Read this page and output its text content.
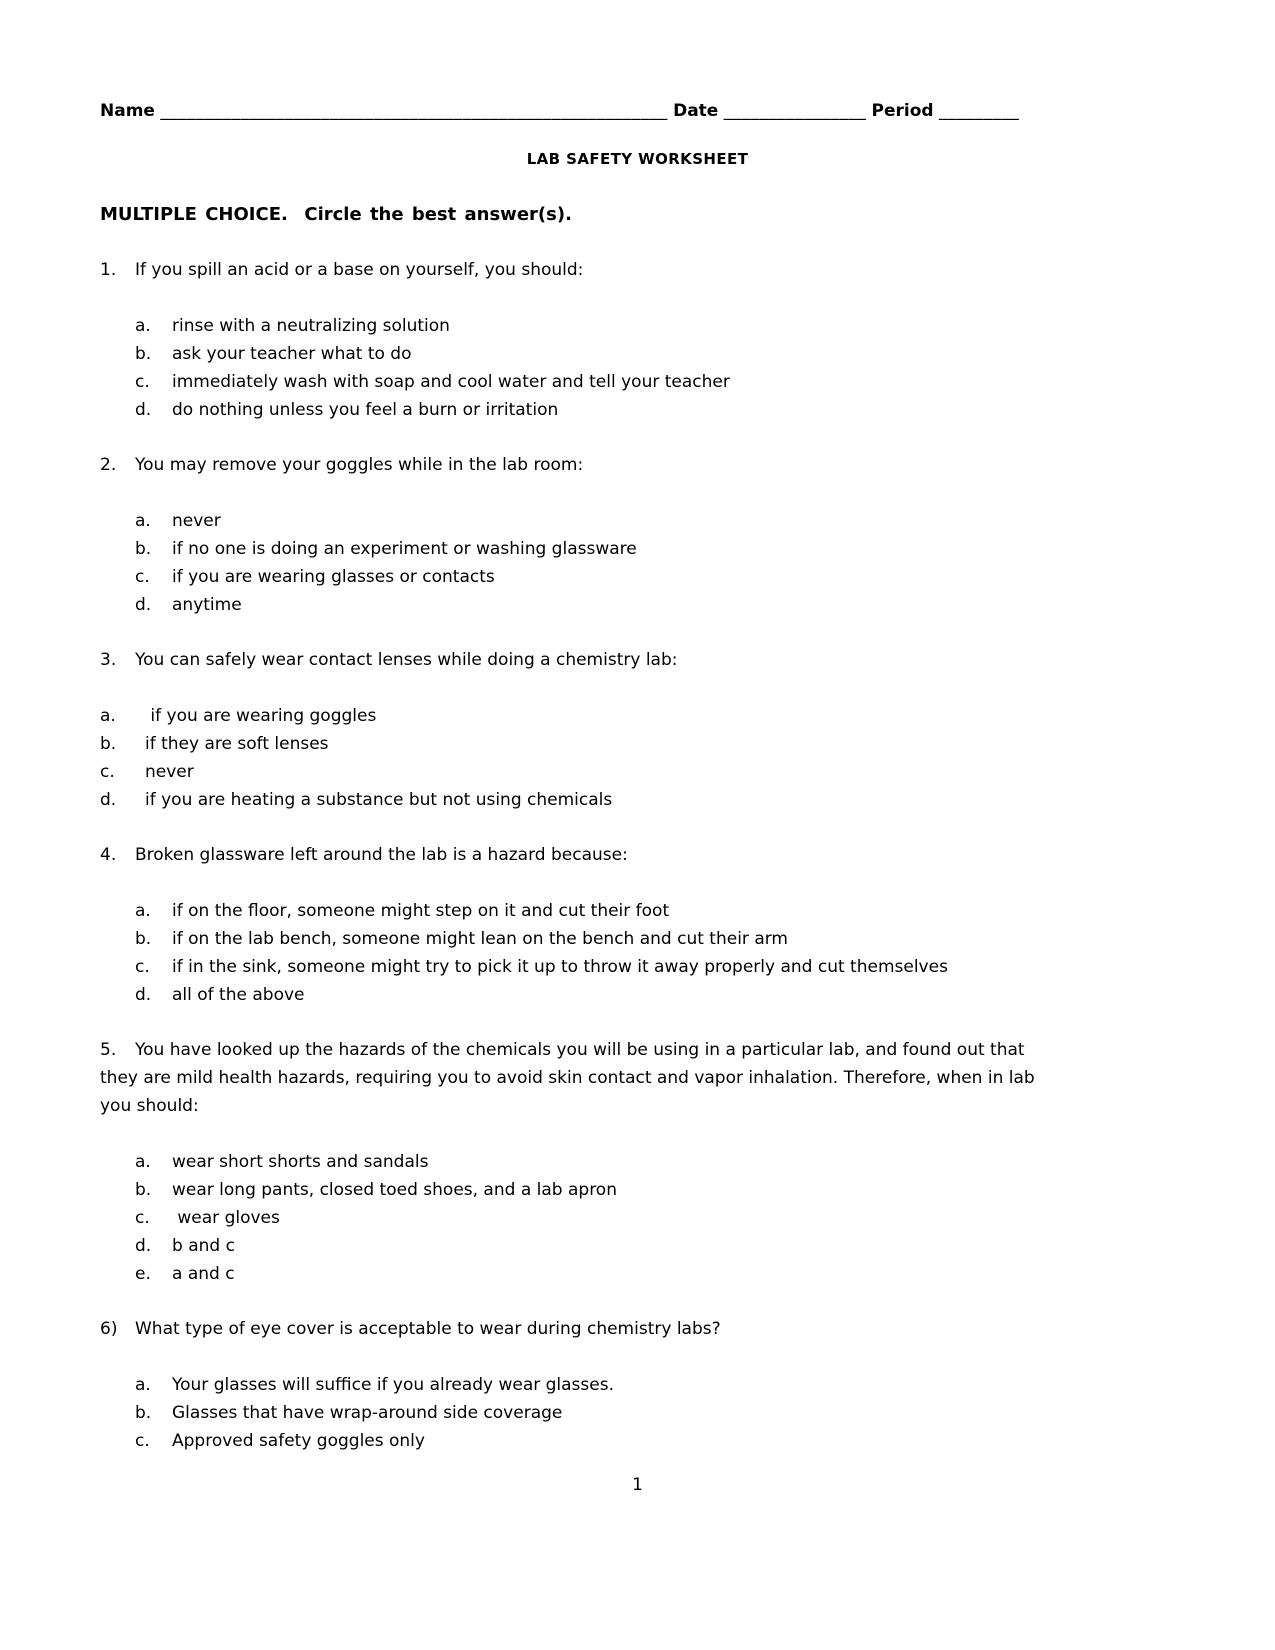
Name _________________________________________________________ Date ________________ Period _________
LAB SAFETY WORKSHEET
MULTIPLE CHOICE.  Circle the best answer(s).
1. If you spill an acid or a base on yourself, you should:
a.	rinse with a neutralizing solution
b.	ask your teacher what to do
c.	immediately wash with soap and cool water and tell your teacher
d.	do nothing unless you feel a burn or irritation
2. You may remove your goggles while in the lab room:
a.	never
b.	if no one is doing an experiment or washing glassware
c.	if you are wearing glasses or contacts
d.	anytime
3. You can safely wear contact lenses while doing a chemistry lab:
a.	if you are wearing goggles
b.	if they are soft lenses
c.	never
d.	if you are heating a substance but not using chemicals
4. Broken glassware left around the lab is a hazard because:
a.	if on the floor, someone might step on it and cut their foot
b.	if on the lab bench, someone might lean on the bench and cut their arm
c.	if in the sink, someone might try to pick it up to throw it away properly and cut themselves
d.	all of the above
5. You have looked up the hazards of the chemicals you will be using in a particular lab, and found out that they are mild health hazards, requiring you to avoid skin contact and vapor inhalation. Therefore, when in lab you should:
a.	wear short shorts and sandals
b.	wear long pants, closed toed shoes, and a lab apron
c.	wear gloves
d.	b and c
e.	a and c
6) What type of eye cover is acceptable to wear during chemistry labs?
a.	Your glasses will suffice if you already wear glasses.
b.	Glasses that have wrap-around side coverage
c.	Approved safety goggles only
1
